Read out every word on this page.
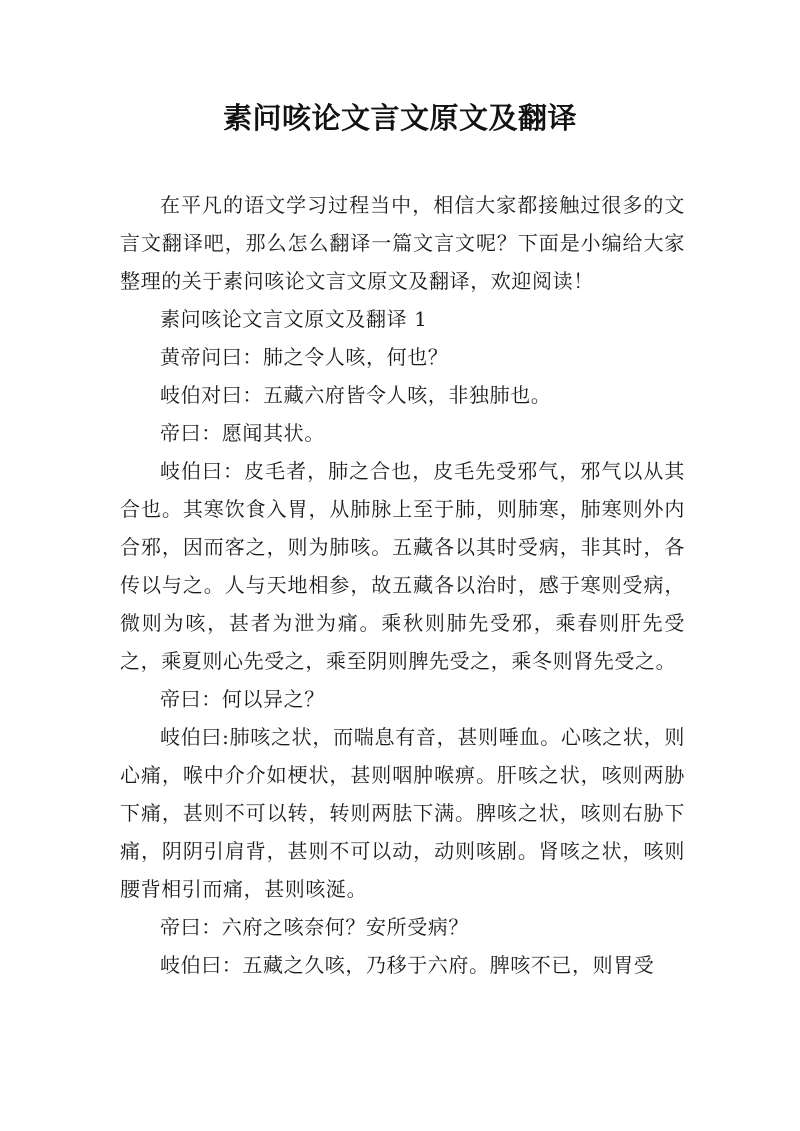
素问咳论文言文原文及翻译

在平凡的语文学习过程当中，相信大家都接触过很多的文言文翻译吧，那么怎么翻译一篇文言文呢？下面是小编给大家整理的关于素问咳论文言文原文及翻译，欢迎阅读！

素问咳论文言文原文及翻译 1

黄帝问曰：肺之令人咳，何也？

岐伯对曰：五藏六府皆令人咳，非独肺也。

帝曰：愿闻其状。

岐伯曰：皮毛者，肺之合也，皮毛先受邪气，邪气以从其合也。其寒饮食入胃，从肺脉上至于肺，则肺寒，肺寒则外内合邪，因而客之，则为肺咳。五藏各以其时受病，非其时，各传以与之。人与天地相参，故五藏各以治时，感于寒则受病，微则为咳，甚者为泄为痛。乘秋则肺先受邪，乘春则肝先受之，乘夏则心先受之，乘至阴则脾先受之，乘冬则肾先受之。

帝曰：何以异之？

岐伯曰:肺咳之状，而喘息有音，甚则唾血。心咳之状，则心痛，喉中介介如梗状，甚则咽肿喉痹。肝咳之状，咳则两胁下痛，甚则不可以转，转则两胠下满。脾咳之状，咳则右胁下痛，阴阴引肩背，甚则不可以动，动则咳剧。肾咳之状，咳则腰背相引而痛，甚则咳涎。

帝曰：六府之咳奈何？安所受病？

岐伯曰：五藏之久咳，乃移于六府。脾咳不已，则胃受
